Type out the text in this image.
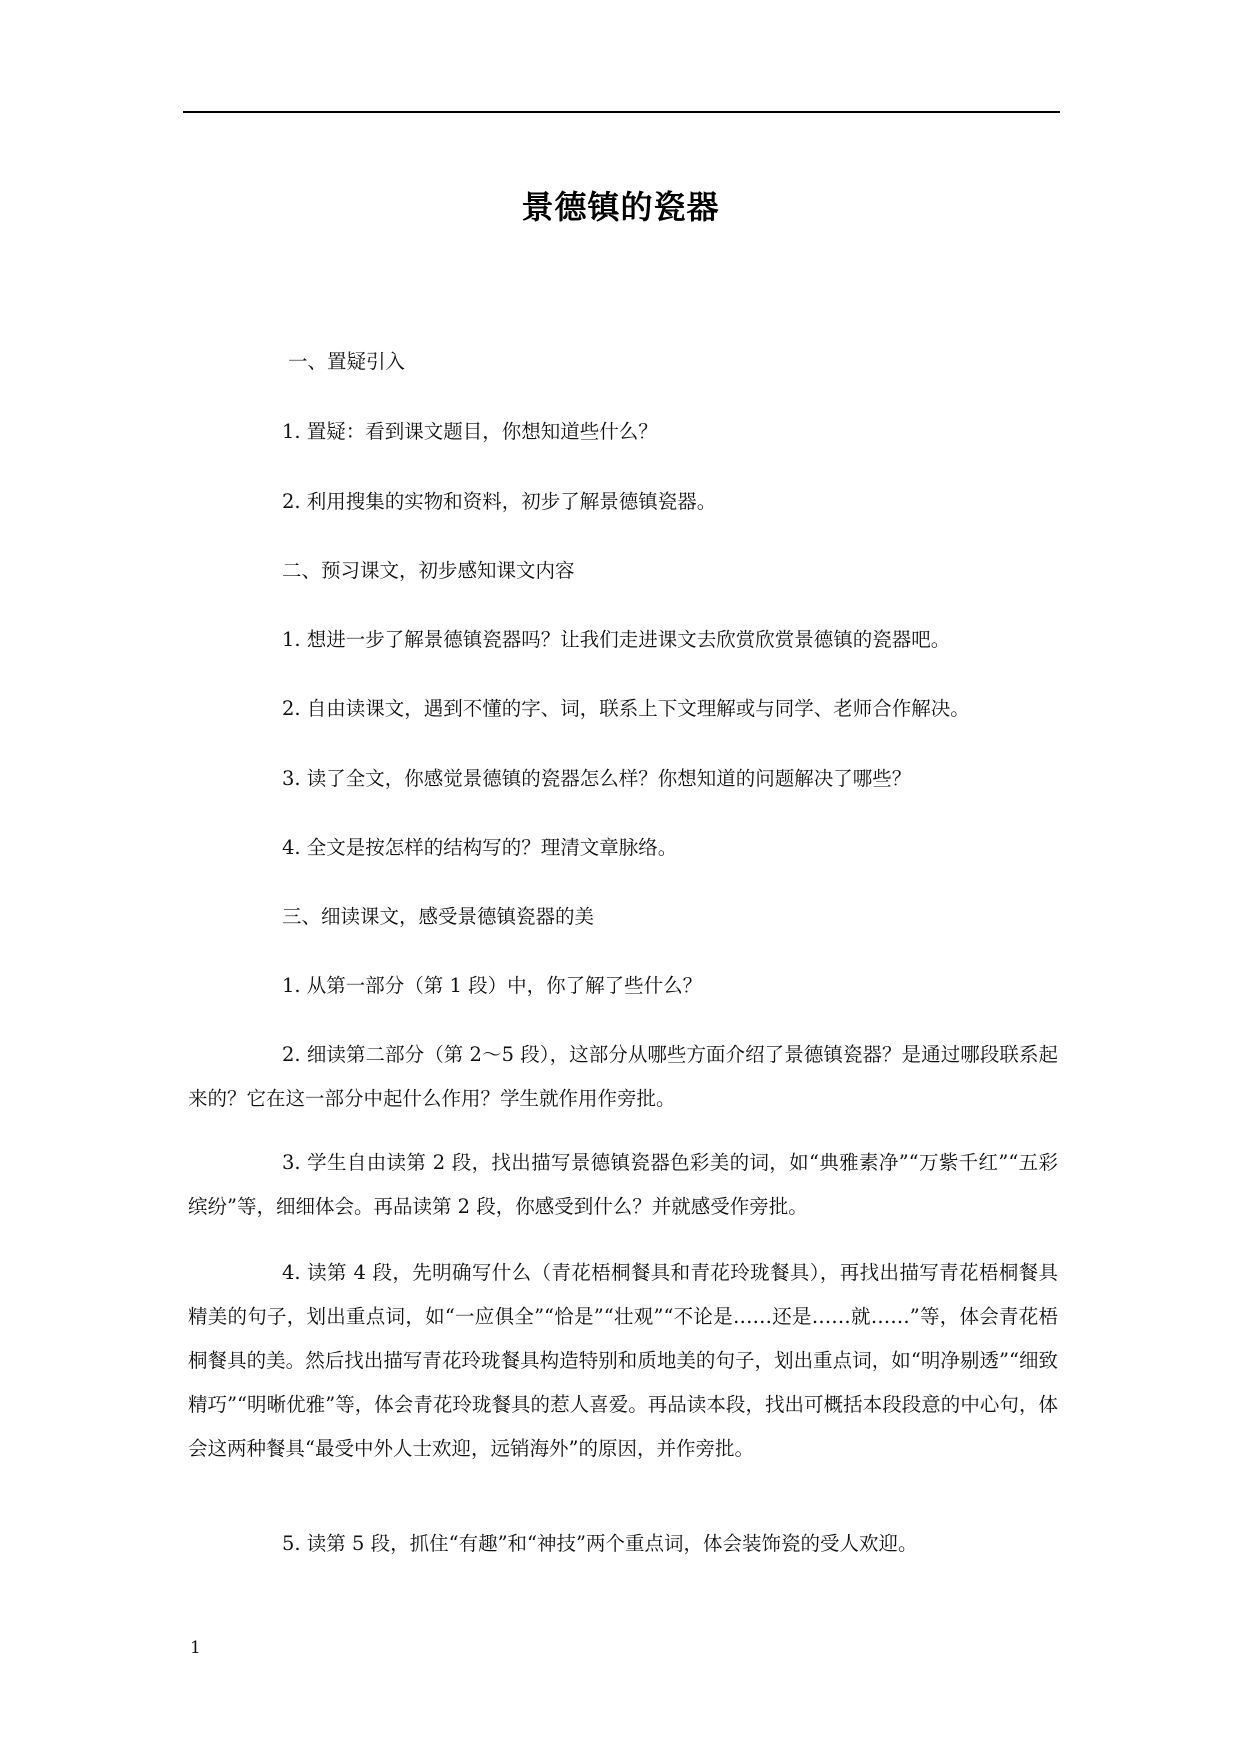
景德镇的瓷器

一、置疑引入

1. 置疑：看到课文题目，你想知道些什么？

2. 利用搜集的实物和资料，初步了解景德镇瓷器。

二、预习课文，初步感知课文内容

1. 想进一步了解景德镇瓷器吗？让我们走进课文去欣赏欣赏景德镇的瓷器吧。

2. 自由读课文，遇到不懂的字、词，联系上下文理解或与同学、老师合作解决。

3. 读了全文，你感觉景德镇的瓷器怎么样？你想知道的问题解决了哪些？

4. 全文是按怎样的结构写的？理清文章脉络。

三、细读课文，感受景德镇瓷器的美

1. 从第一部分（第 1 段）中，你了解了些什么？

2. 细读第二部分（第 2～5 段），这部分从哪些方面介绍了景德镇瓷器？是通过哪段联系起来的？它在这一部分中起什么作用？学生就作用作旁批。

3. 学生自由读第 2 段，找出描写景德镇瓷器色彩美的词，如“典雅素净”“万紫千红”“五彩缤纷”等，细细体会。再品读第 2 段，你感受到什么？并就感受作旁批。

4. 读第 4 段，先明确写什么（青花梧桐餐具和青花玲珑餐具），再找出描写青花梧桐餐具精美的句子，划出重点词，如“一应俱全”“恰是”“壮观”“不论是……还是……就……”等，体会青花梧桐餐具的美。然后找出描写青花玲珑餐具构造特别和质地美的句子，划出重点词，如“明净剔透”“细致精巧”“明晰优雅”等，体会青花玲珑餐具的惹人喜爱。再品读本段，找出可概括本段段意的中心句，体会这两种餐具“最受中外人士欢迎，远销海外”的原因，并作旁批。

5. 读第 5 段，抓住“有趣”和“神技”两个重点词，体会装饰瓷的受人欢迎。

1
